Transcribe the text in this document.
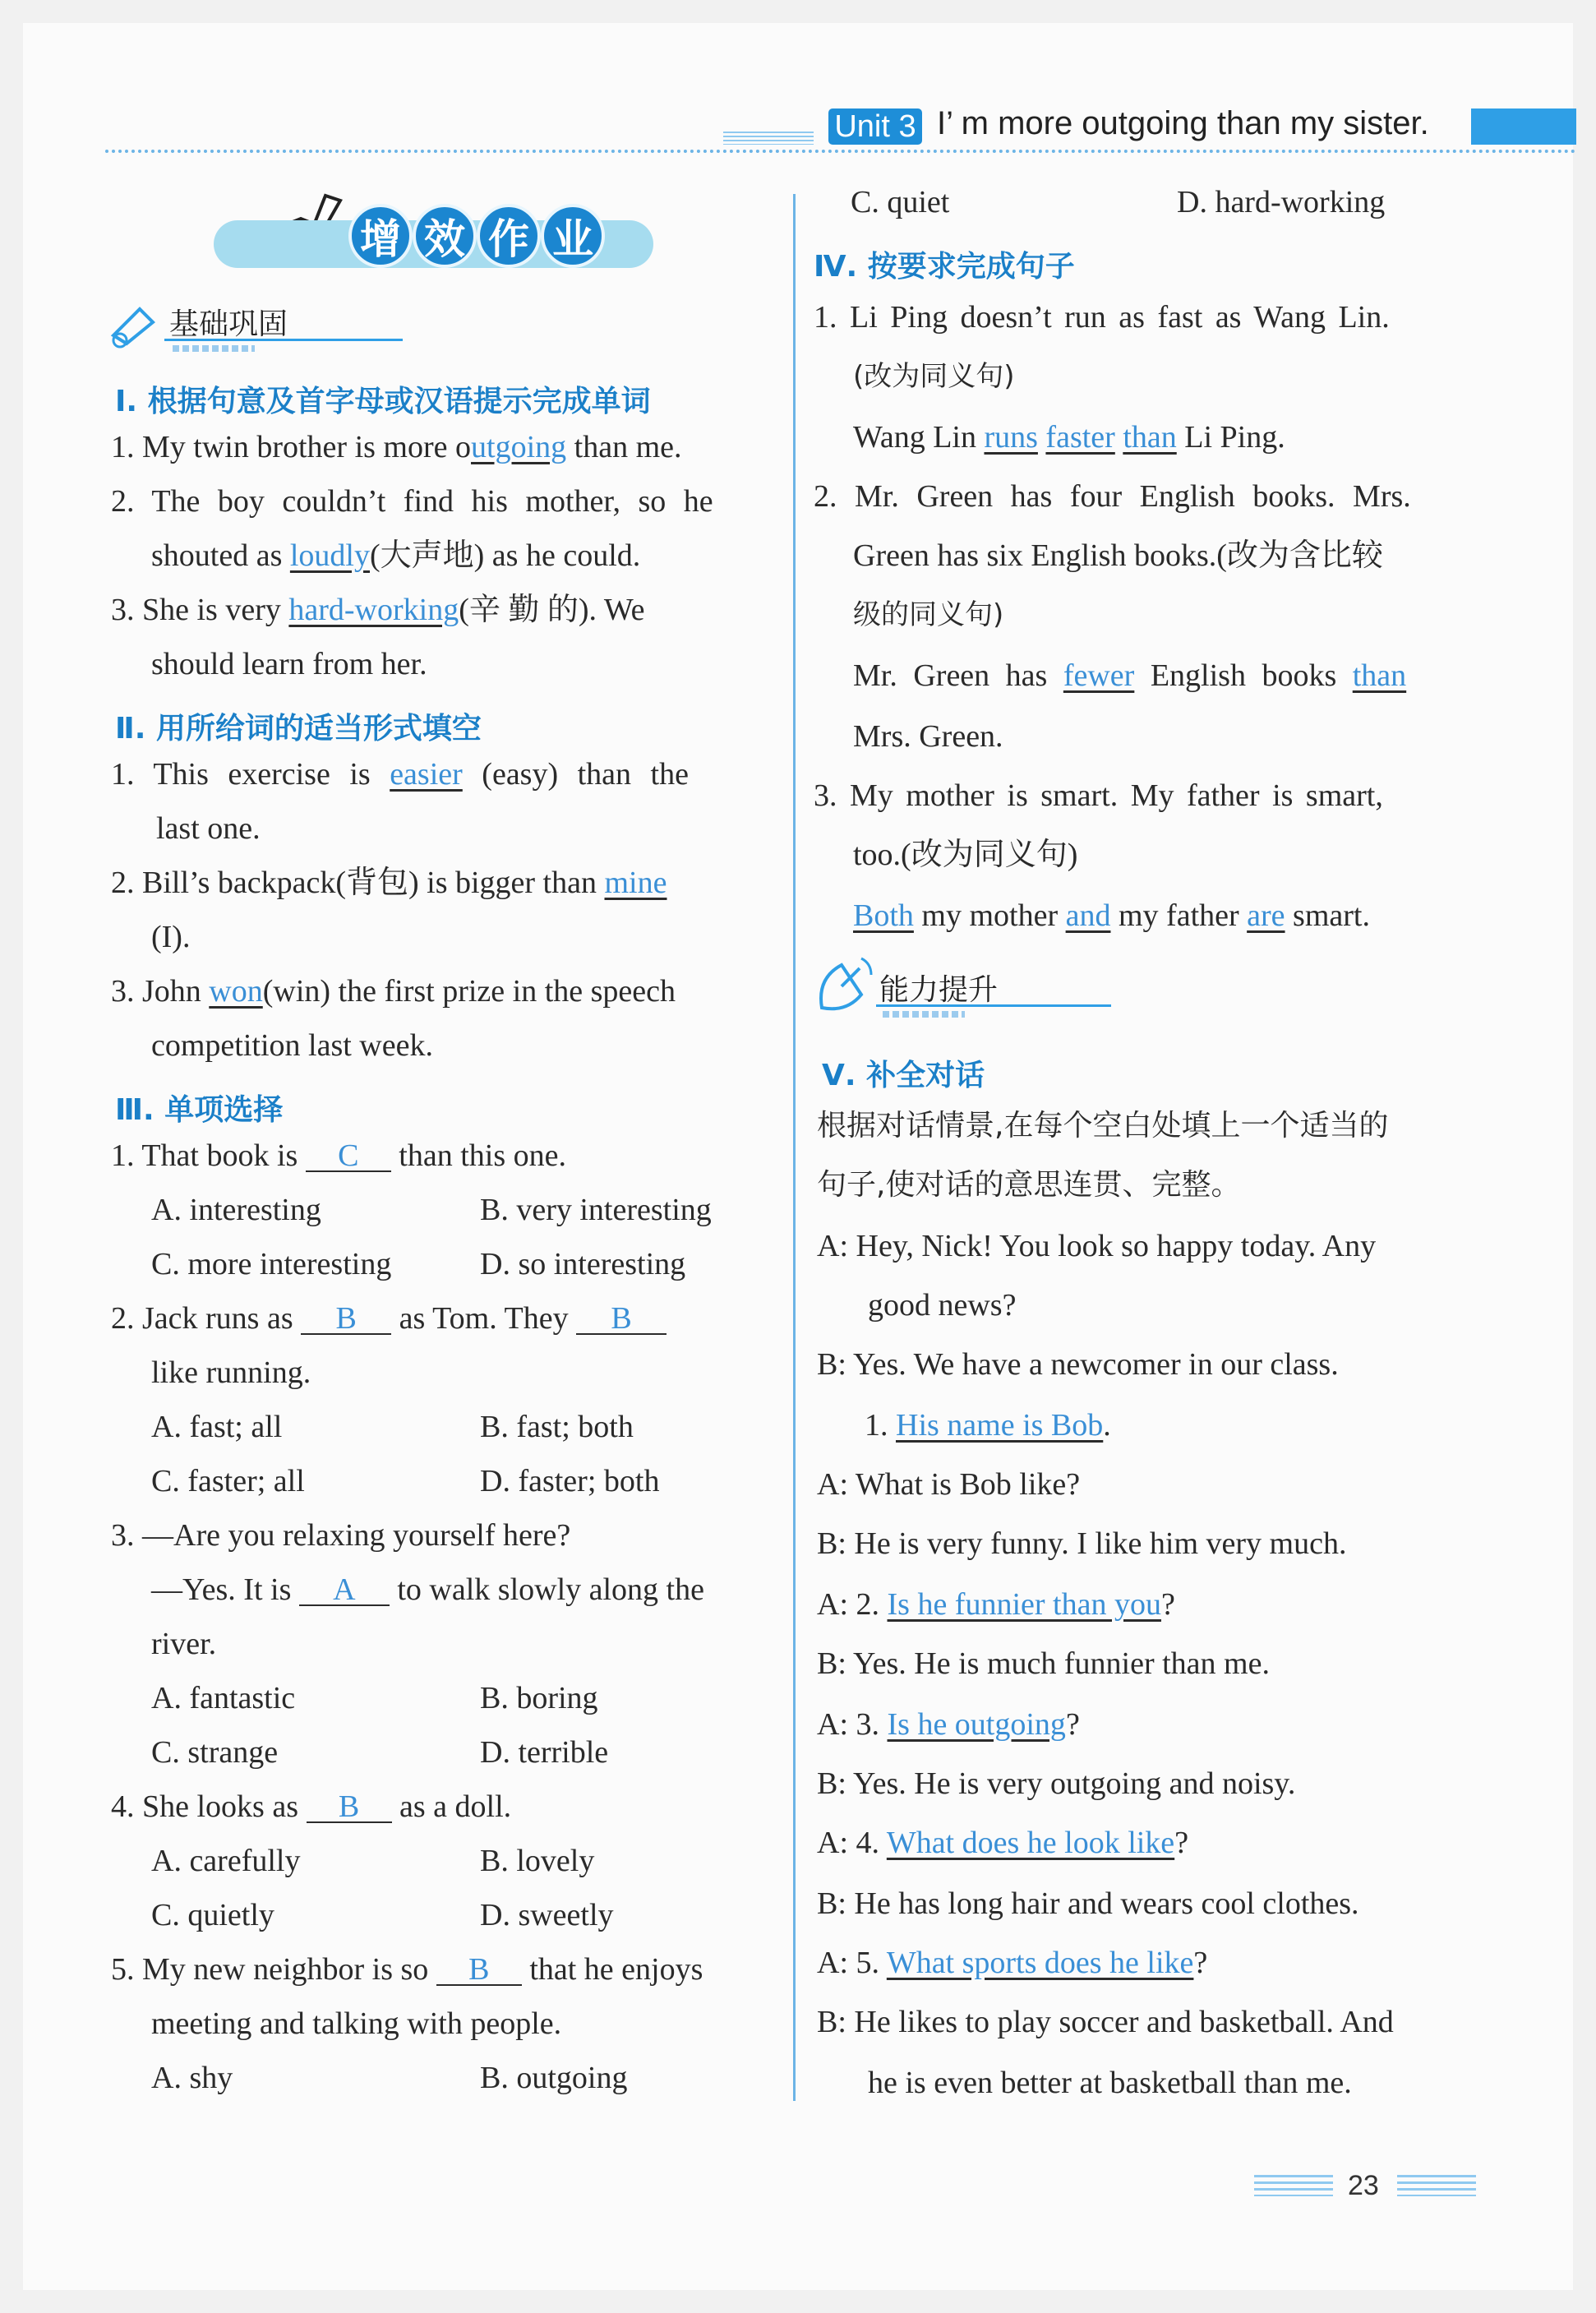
Unit 3 I’ m more outgoing than my sister.
增 效 作 业
基础巩固
Ⅰ. 根据句意及首字母或汉语提示完成单词
1. My twin brother is more outgoing than me.
2. The boy couldn’t find his mother, so he
shouted as loudly(大声地) as he could.
3. She is very hard-working(辛 勤 的). We
should learn from her.
Ⅱ. 用所给词的适当形式填空
1. This exercise is easier (easy) than the
last one.
2. Bill’s backpack(背包) is bigger than mine
(I).
3. John won(win) the first prize in the speech
competition last week.
Ⅲ. 单项选择
1. That book is C than this one.
A. interesting	B. very interesting
C. more interesting	D. so interesting
2. Jack runs as B as Tom. They B
like running.
A. fast; all	B. fast; both
C. faster; all	D. faster; both
3. —Are you relaxing yourself here?
—Yes. It is A to walk slowly along the
river.
A. fantastic	B. boring
C. strange	D. terrible
4. She looks as B as a doll.
A. carefully	B. lovely
C. quietly	D. sweetly
5. My new neighbor is so B that he enjoys
meeting and talking with people.
A. shy	B. outgoing
C. quiet	D. hard-working
Ⅳ. 按要求完成句子
1. Li Ping doesn’t run as fast as Wang Lin.
(改为同义句)
Wang Lin runs faster than Li Ping.
2. Mr. Green has four English books. Mrs.
Green has six English books.(改为含比较
级的同义句)
Mr. Green has fewer English books than
Mrs. Green.
3. My mother is smart. My father is smart,
too.(改为同义句)
Both my mother and my father are smart.
能力提升
Ⅴ. 补全对话
根据对话情景,在每个空白处填上一个适当的
句子,使对话的意思连贯、完整。
A: Hey, Nick! You look so happy today. Any
good news?
B: Yes. We have a newcomer in our class.
1. His name is Bob.
A: What is Bob like?
B: He is very funny. I like him very much.
A: 2. Is he funnier than you?
B: Yes. He is much funnier than me.
A: 3. Is he outgoing?
B: Yes. He is very outgoing and noisy.
A: 4. What does he look like?
B: He has long hair and wears cool clothes.
A: 5. What sports does he like?
B: He likes to play soccer and basketball. And
he is even better at basketball than me.
23
